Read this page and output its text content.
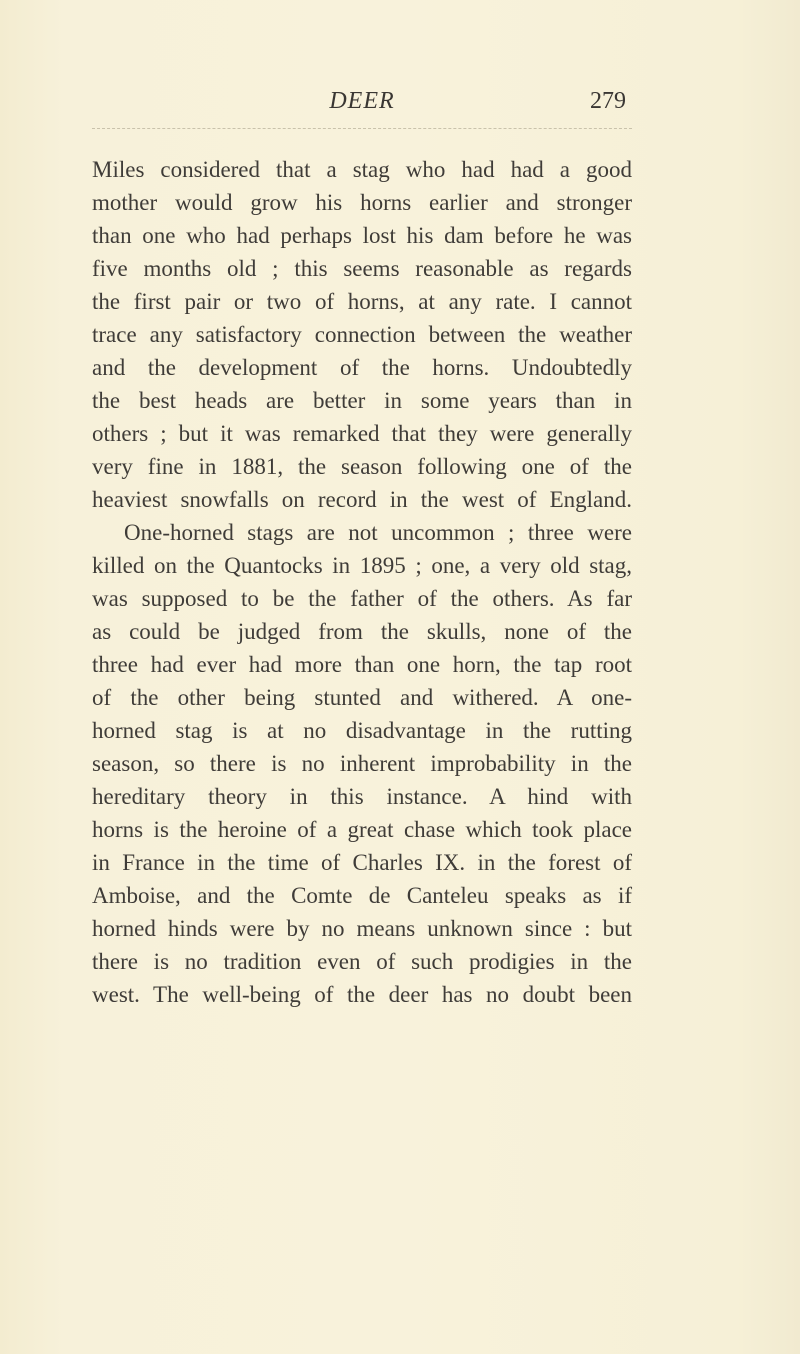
DEER	279
Miles considered that a stag who had had a good
mother would grow his horns earlier and stronger
than one who had perhaps lost his dam before he was
five months old ; this seems reasonable as regards
the first pair or two of horns, at any rate. I cannot
trace any satisfactory connection between the weather
and the development of the horns. Undoubtedly
the best heads are better in some years than in
others ; but it was remarked that they were generally
very fine in 1881, the season following one of the
heaviest snowfalls on record in the west of England.
One-horned stags are not uncommon ; three were
killed on the Quantocks in 1895 ; one, a very old stag,
was supposed to be the father of the others. As far
as could be judged from the skulls, none of the
three had ever had more than one horn, the tap root
of the other being stunted and withered. A one-
horned stag is at no disadvantage in the rutting
season, so there is no inherent improbability in the
hereditary theory in this instance. A hind with
horns is the heroine of a great chase which took place
in France in the time of Charles IX. in the forest of
Amboise, and the Comte de Canteleu speaks as if
horned hinds were by no means unknown since : but
there is no tradition even of such prodigies in the
west. The well-being of the deer has no doubt been
